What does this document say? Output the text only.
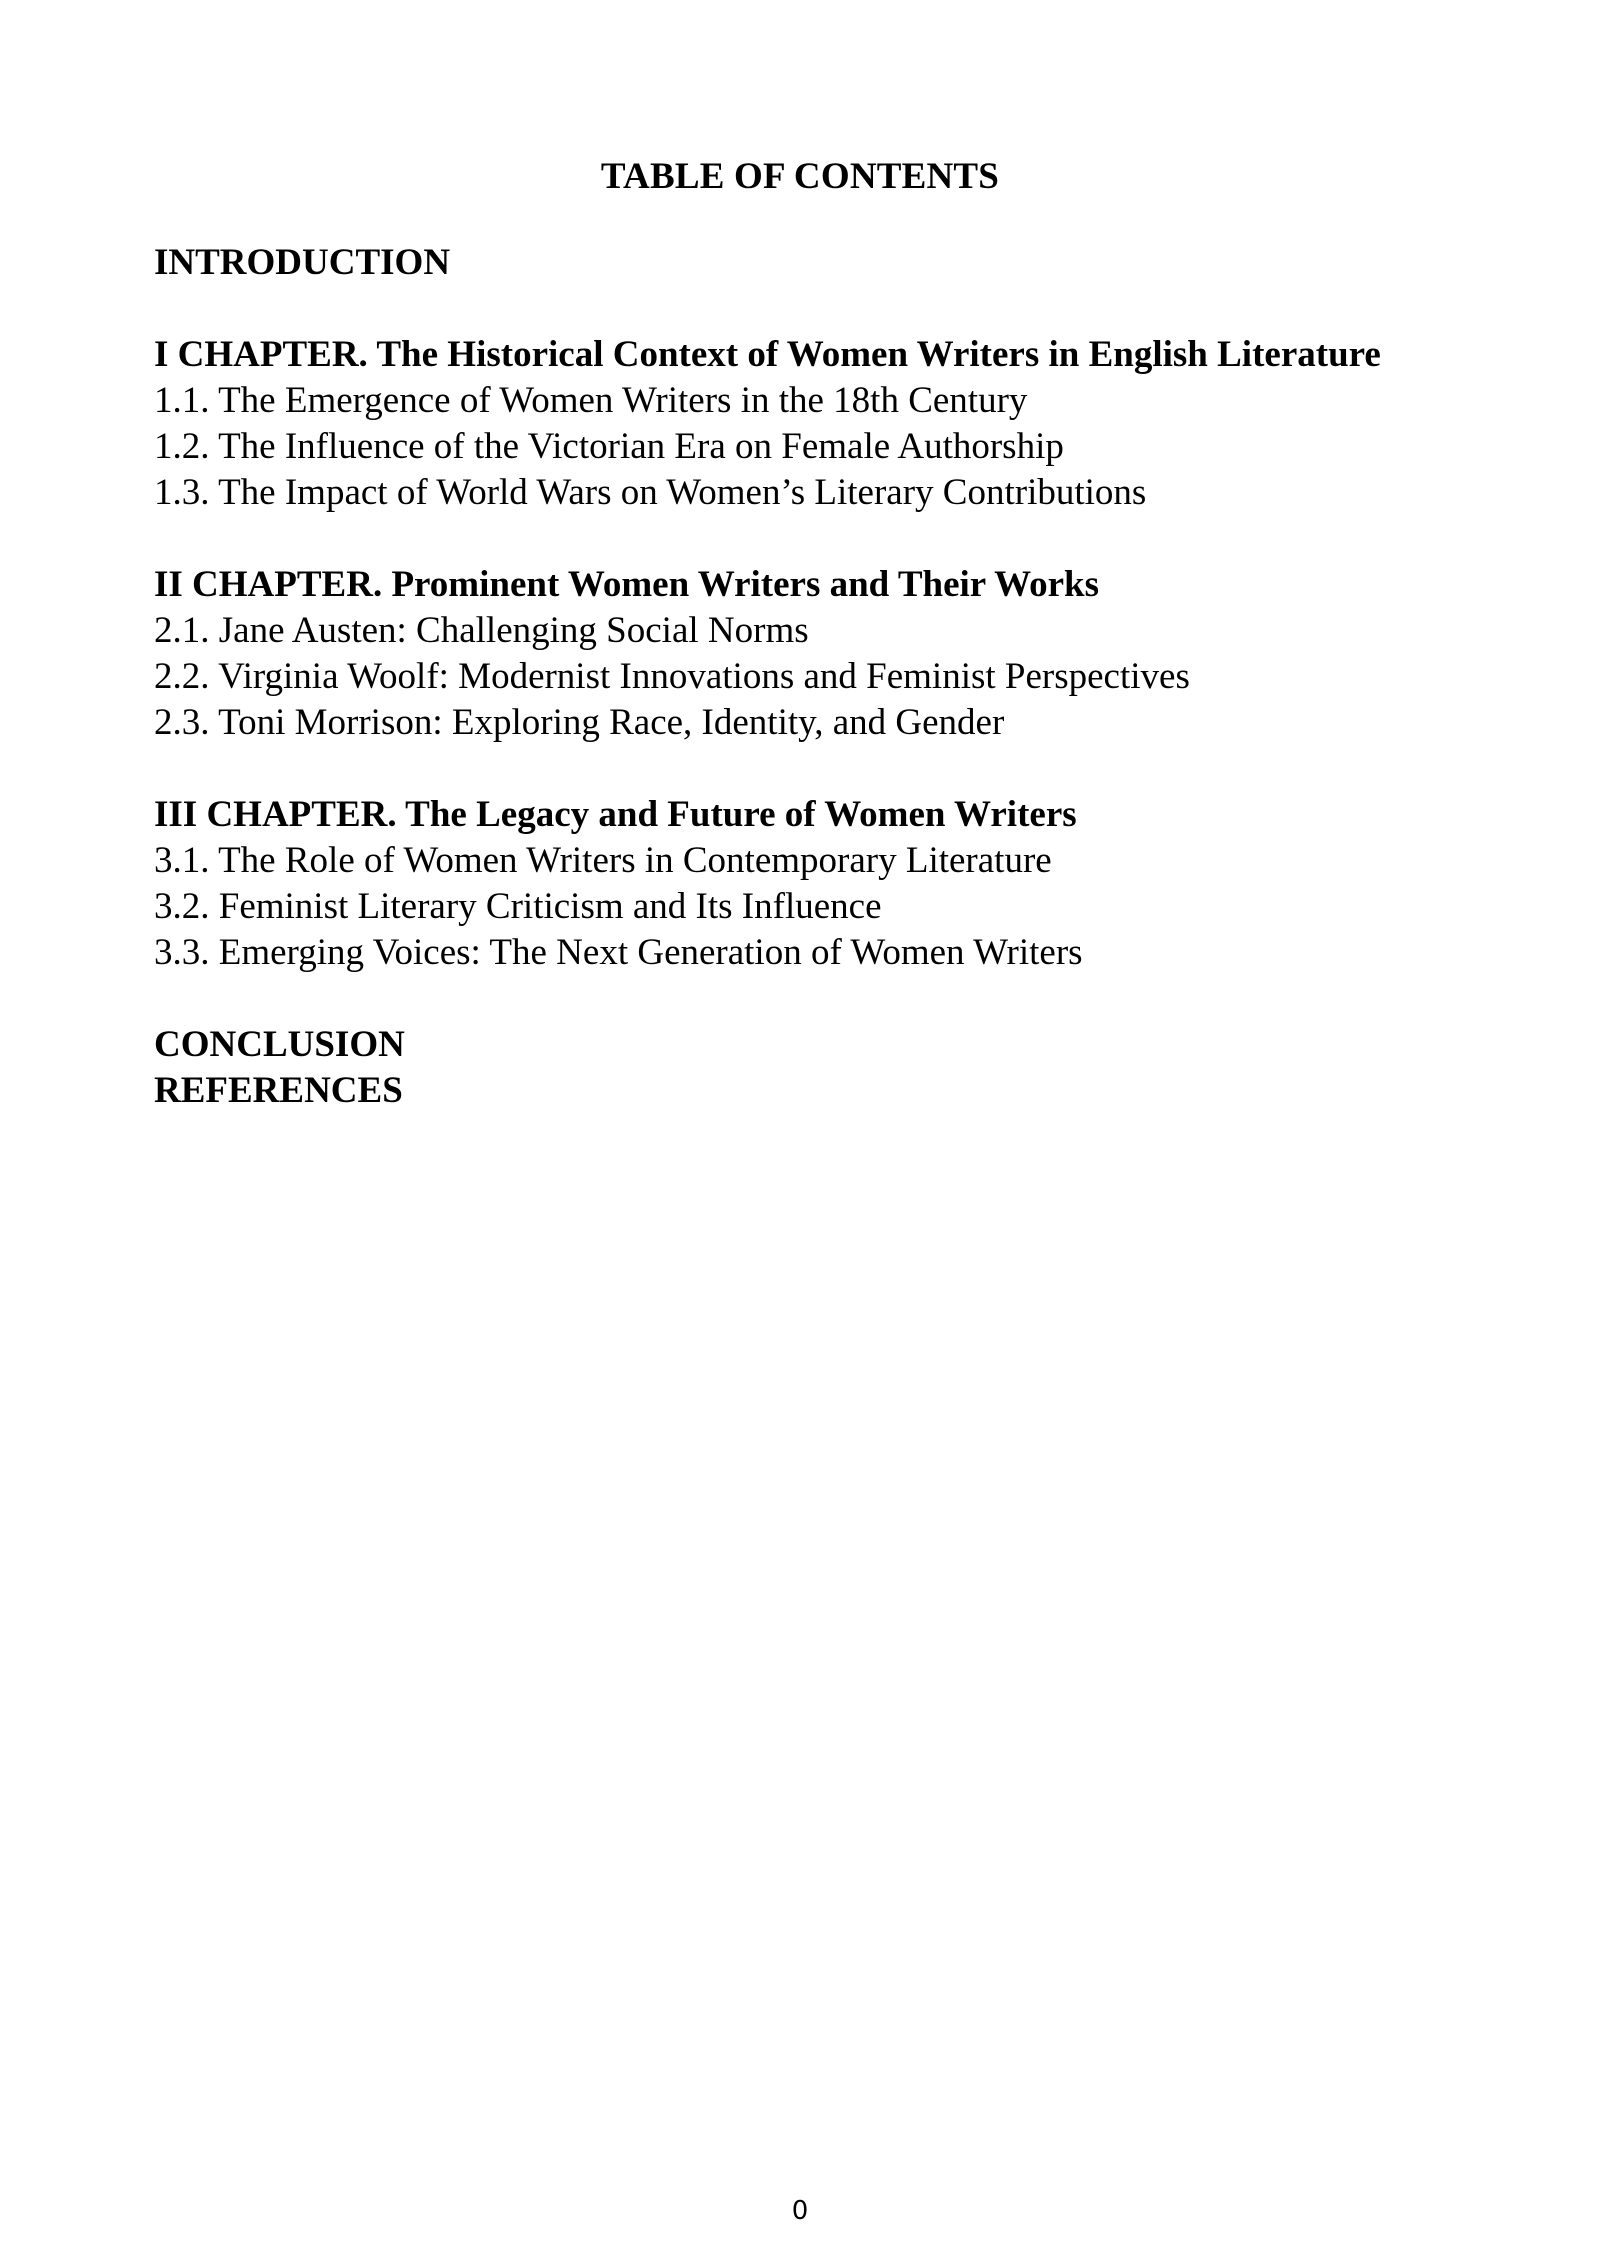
TABLE OF CONTENTS
INTRODUCTION
I CHAPTER. The Historical Context of Women Writers in English Literature
1.1. The Emergence of Women Writers in the 18th Century
1.2. The Influence of the Victorian Era on Female Authorship
1.3. The Impact of World Wars on Women’s Literary Contributions
II CHAPTER. Prominent Women Writers and Their Works
2.1. Jane Austen: Challenging Social Norms
2.2. Virginia Woolf: Modernist Innovations and Feminist Perspectives
2.3. Toni Morrison: Exploring Race, Identity, and Gender
III CHAPTER. The Legacy and Future of Women Writers
3.1. The Role of Women Writers in Contemporary Literature
3.2. Feminist Literary Criticism and Its Influence
3.3. Emerging Voices: The Next Generation of Women Writers
CONCLUSION
REFERENCES
0
